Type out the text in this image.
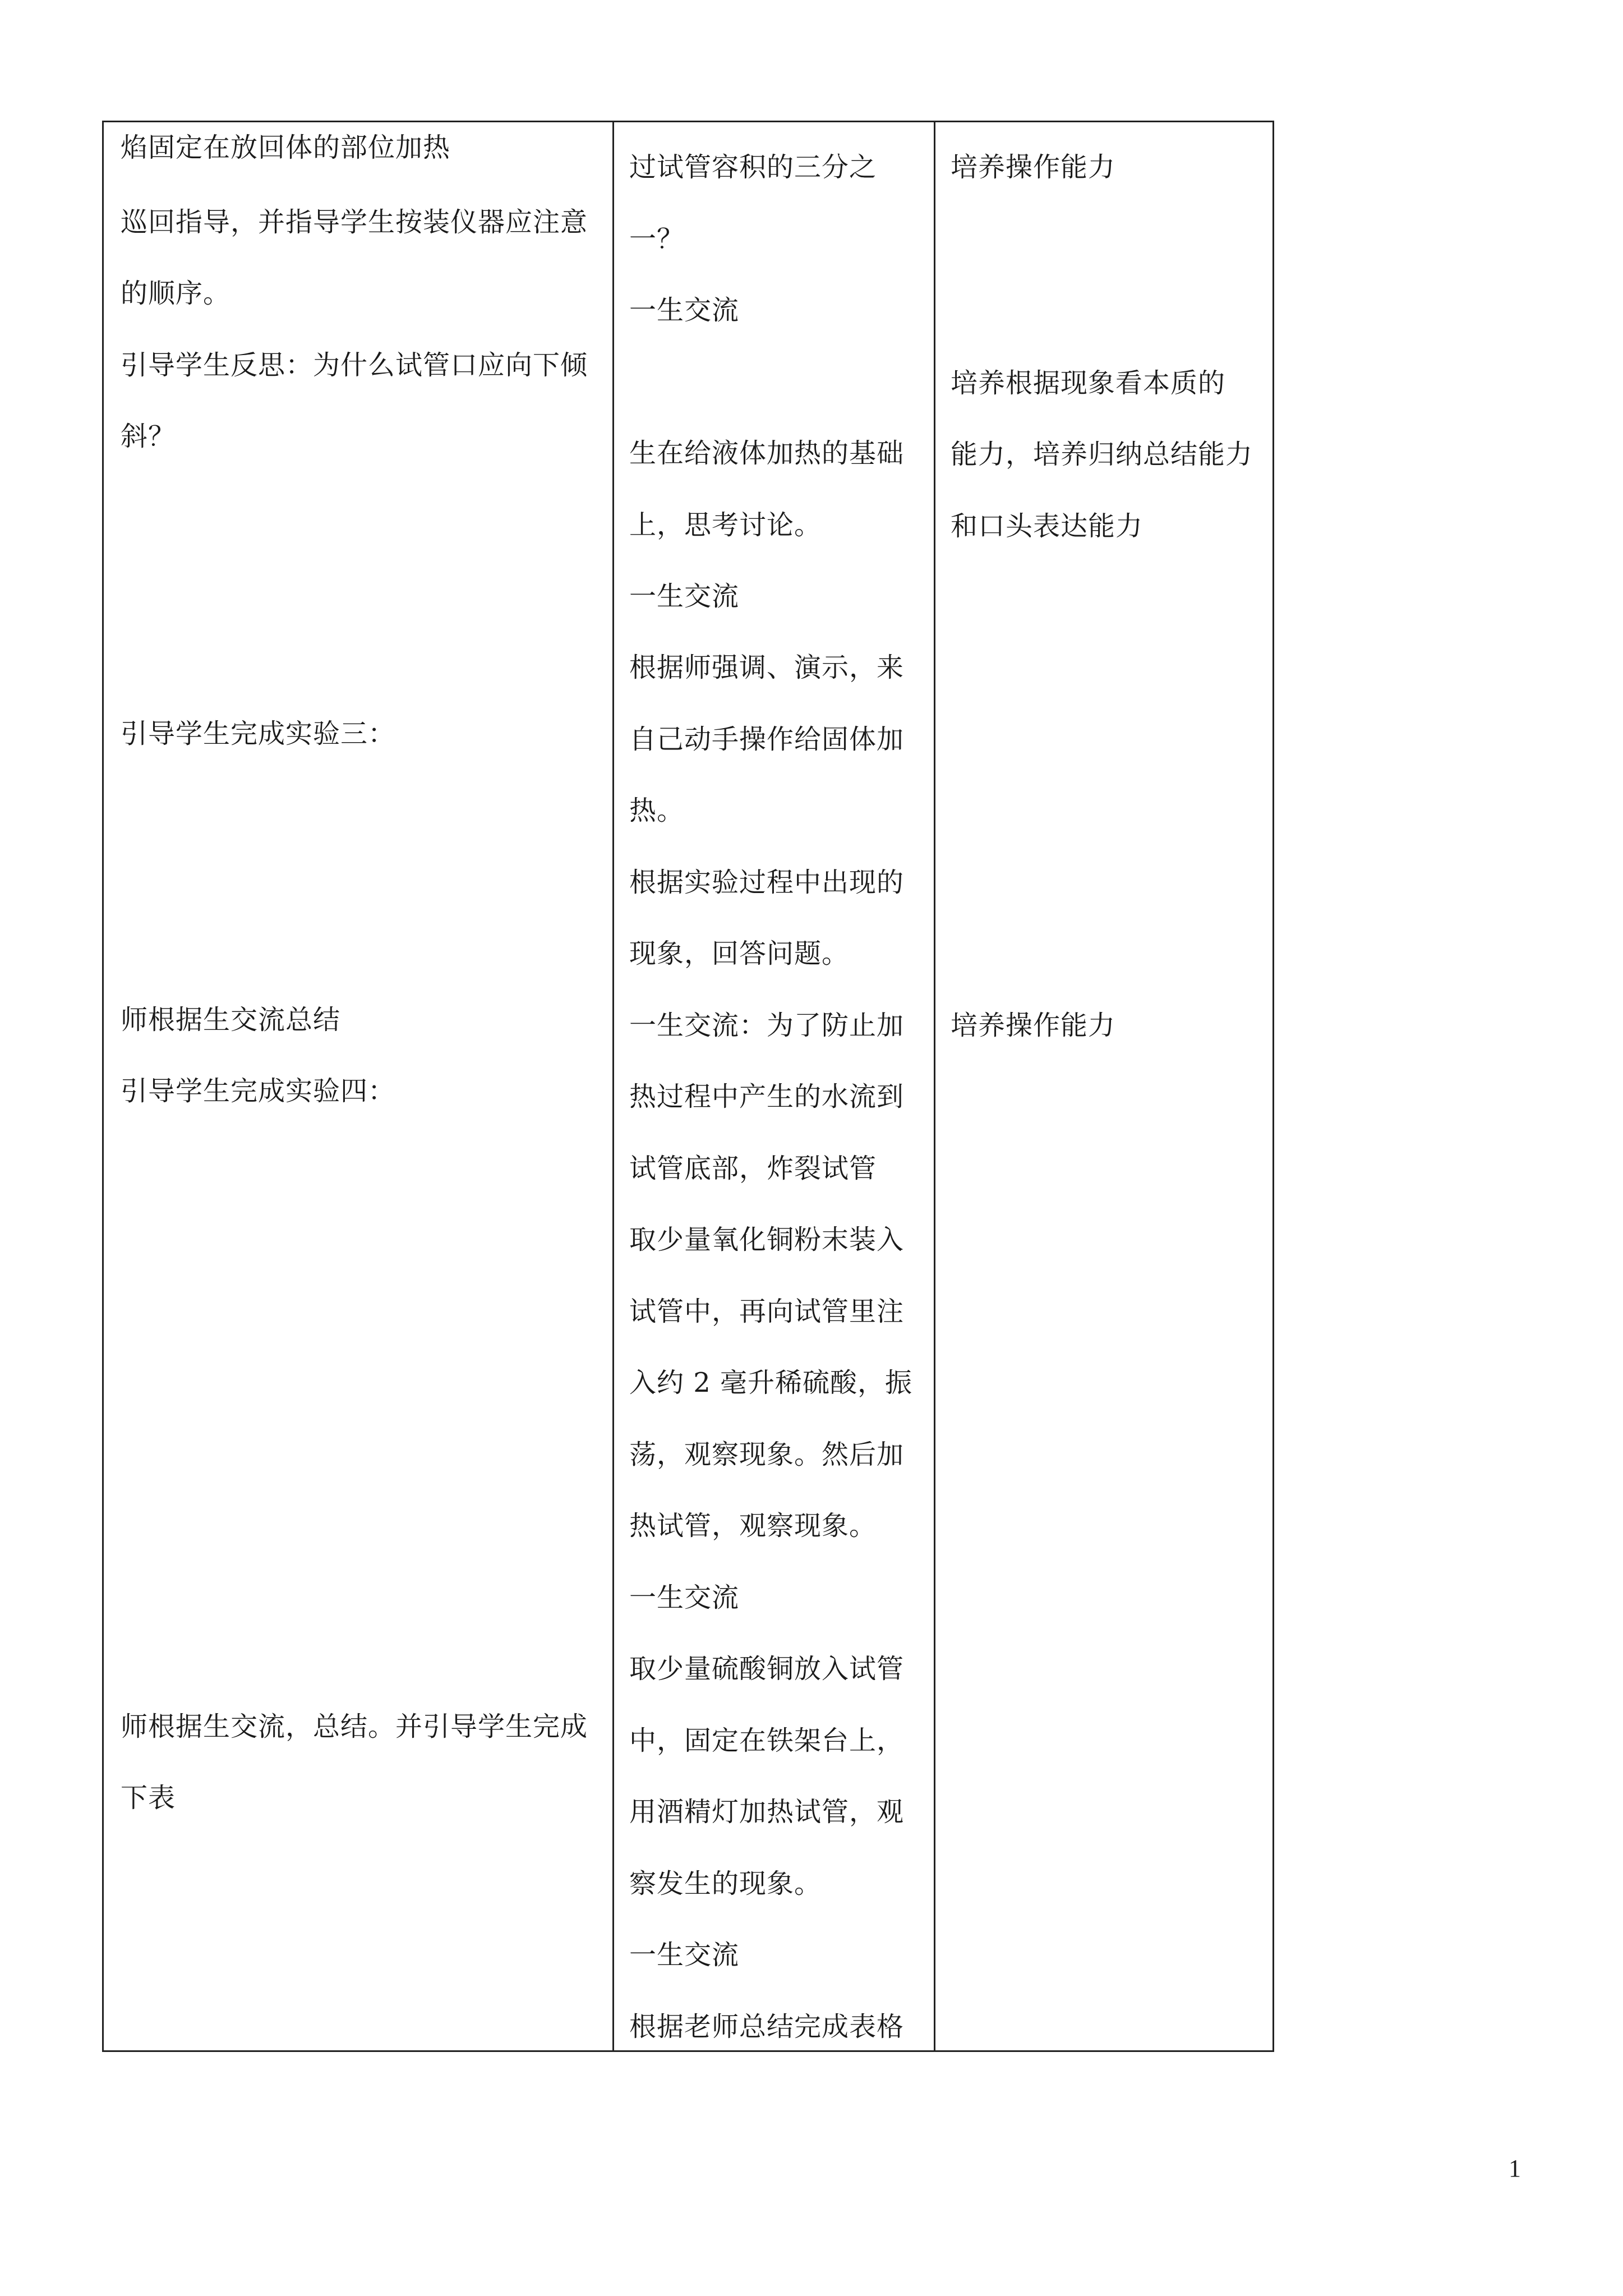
焰固定在放回体的部位加热
巡回指导，并指导学生按装仪器应注意
的顺序。
引导学生反思：为什么试管口应向下倾
斜？
引导学生完成实验三：
师根据生交流总结
引导学生完成实验四：
师根据生交流，总结。并引导学生完成
下表
过试管容积的三分之
一？
一生交流
生在给液体加热的基础
上，思考讨论。
一生交流
根据师强调、演示，来
自己动手操作给固体加
热。
根据实验过程中出现的
现象，回答问题。
一生交流：为了防止加
热过程中产生的水流到
试管底部，炸裂试管
取少量氧化铜粉末装入
试管中，再向试管里注
入约 2 毫升稀硫酸，振
荡，观察现象。然后加
热试管，观察现象。
一生交流
取少量硫酸铜放入试管
中，固定在铁架台上，
用酒精灯加热试管，观
察发生的现象。
一生交流
根据老师总结完成表格
培养操作能力
培养根据现象看本质的
能力，培养归纳总结能力
和口头表达能力
培养操作能力
1
